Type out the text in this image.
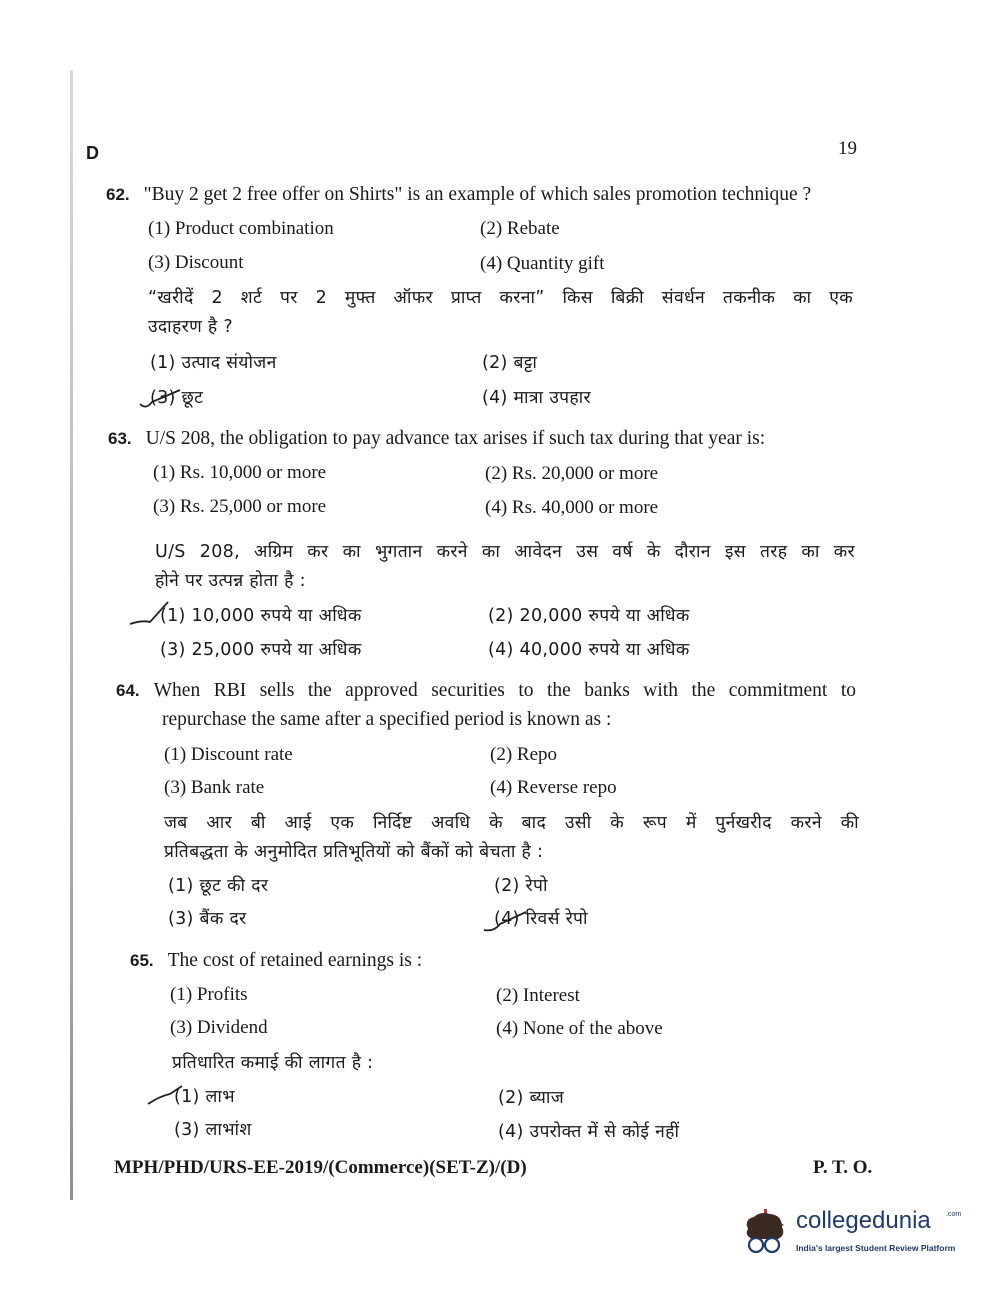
D	19
62. "Buy 2 get 2 free offer on Shirts" is an example of which sales promotion technique ?
(1) Product combination	(2) Rebate
(3) Discount	(4) Quantity gift
“खरीदें 2 शर्ट पर 2 मुफ्त ऑफर प्राप्त करना” किस बिक्री संवर्धन तकनीक का एक
उदाहरण है ?
(1) उत्पाद संयोजन	(2) बट्टा
(3) छूट	(4) मात्रा उपहार
63. U/S 208, the obligation to pay advance tax arises if such tax during that year is:
(1) Rs. 10,000 or more	(2) Rs. 20,000 or more
(3) Rs. 25,000 or more	(4) Rs. 40,000 or more
U/S 208, अग्रिम कर का भुगतान करने का आवेदन उस वर्ष के दौरान इस तरह का कर
होने पर उत्पन्न होता है :
(1) 10,000 रुपये या अधिक	(2) 20,000 रुपये या अधिक
(3) 25,000 रुपये या अधिक	(4) 40,000 रुपये या अधिक
64. When RBI sells the approved securities to the banks with the commitment to
repurchase the same after a specified period is known as :
(1) Discount rate	(2) Repo
(3) Bank rate	(4) Reverse repo
जब आर बी आई एक निर्दिष्ट अवधि के बाद उसी के रूप में पुर्नखरीद करने की
प्रतिबद्धता के अनुमोदित प्रतिभूतियों को बैंकों को बेचता है :
(1) छूट की दर	(2) रेपो
(3) बैंक दर	(4) रिवर्स रेपो
65. The cost of retained earnings is :
(1) Profits	(2) Interest
(3) Dividend	(4) None of the above
प्रतिधारित कमाई की लागत है :
(1) लाभ	(2) ब्याज
(3) लाभांश	(4) उपरोक्त में से कोई नहीं
MPH/PHD/URS-EE-2019/(Commerce)(SET-Z)/(D)	P. T. O.
collegedunia .com
India's largest Student Review Platform
